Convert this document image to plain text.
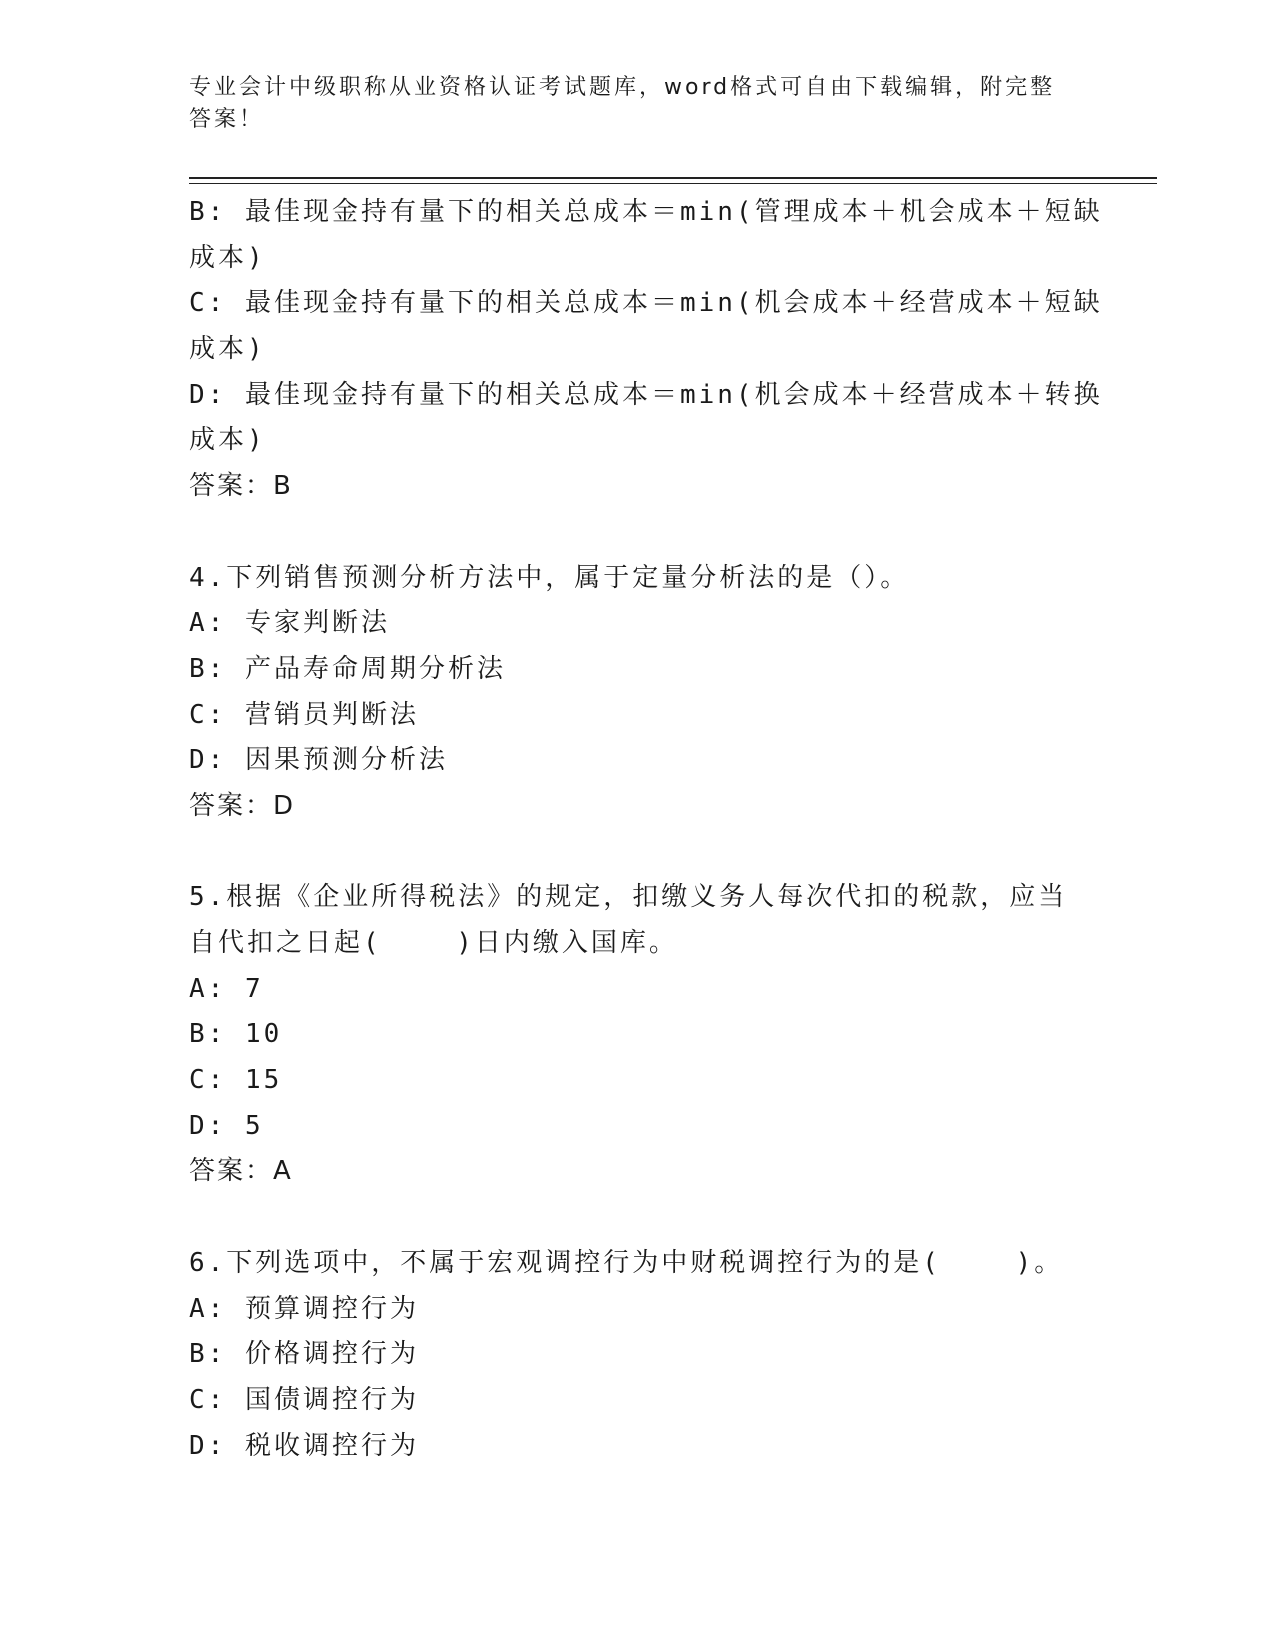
专业会计中级职称从业资格认证考试题库，word格式可自由下载编辑，附完整答案！
B: 最佳现金持有量下的相关总成本＝min(管理成本＋机会成本＋短缺
成本)
C: 最佳现金持有量下的相关总成本＝min(机会成本＋经营成本＋短缺
成本)
D: 最佳现金持有量下的相关总成本＝min(机会成本＋经营成本＋转换
成本)
答案：B
4.下列销售预测分析方法中，属于定量分析法的是（）。
A: 专家判断法
B: 产品寿命周期分析法
C: 营销员判断法
D: 因果预测分析法
答案：D
5.根据《企业所得税法》的规定，扣缴义务人每次代扣的税款，应当
自代扣之日起(    )日内缴入国库。
A: 7
B: 10
C: 15
D: 5
答案：A
6.下列选项中，不属于宏观调控行为中财税调控行为的是(    )。
A: 预算调控行为
B: 价格调控行为
C: 国债调控行为
D: 税收调控行为
